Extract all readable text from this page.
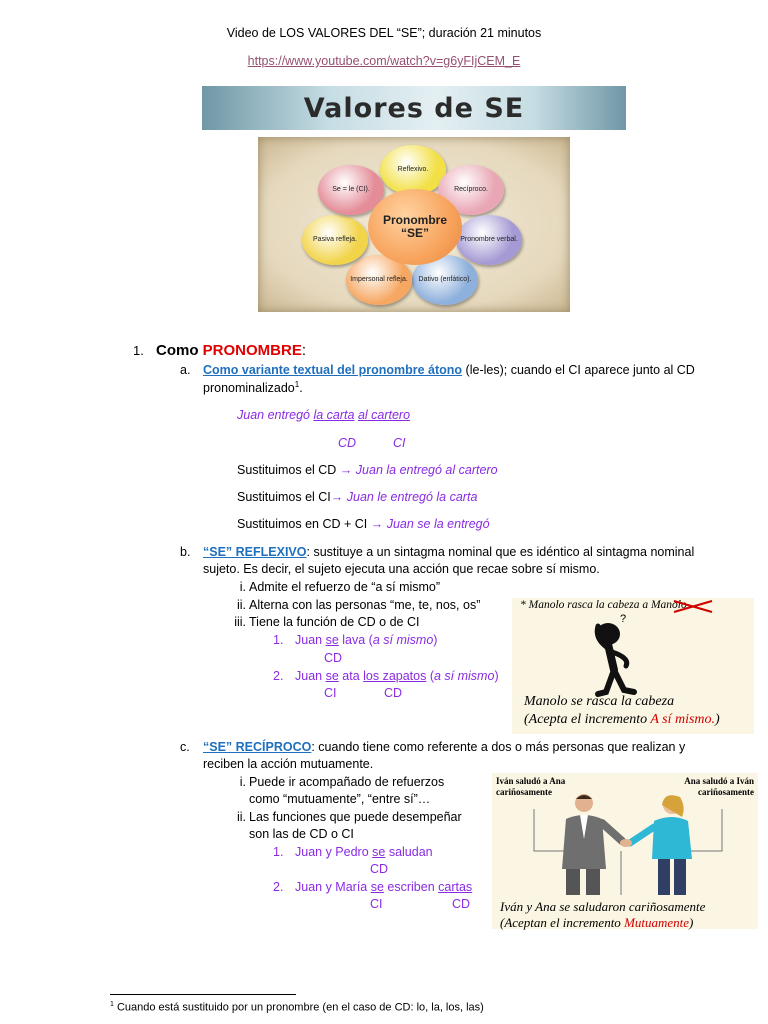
Video de LOS VALORES DEL “SE”; duración 21 minutos
https://www.youtube.com/watch?v=g6yFIjCEM_E
Valores de SE
Reflexivo.
Recíproco.
Pronombre verbal.
Dativo (enfático).
Impersonal refleja.
Pasiva refleja.
Se = le (CI).
Pronombre
“SE”
1. Como PRONOMBRE:
a. Como variante textual del pronombre átono (le-les); cuando el CI aparece junto al CD
pronominalizado$^1$.
Juan entregó la carta al cartero
CD	CI
Sustituimos el CD → Juan la entregó al cartero
Sustituimos el CI→ Juan le entregó la carta
Sustituimos en CD + CI → Juan se la entregó
b. “SE” REFLEXIVO: sustituye a un sintagma nominal que es idéntico al sintagma nominal
sujeto. Es decir, el sujeto ejecuta una acción que recae sobre sí mismo.
i. Admite el refuerzo de “a sí mismo”
ii. Alterna con las personas “me, te, nos, os”
iii. Tiene la función de CD o de CI
1. Juan se lava (a sí mismo)
CD
2. Juan se ata los zapatos (a sí mismo)
CI	CD
* Manolo rasca la cabeza a Manolo
?
Manolo se rasca la cabeza
(Acepta el incremento A sí mismo.)
c. “SE” RECÍPROCO: cuando tiene como referente a dos o más personas que realizan y
reciben la acción mutuamente.
i. Puede ir acompañado de refuerzos
como “mutuamente”, “entre sí”…
ii. Las funciones que puede desempeñar
son las de CD o CI
1. Juan y Pedro se saludan
CD
2. Juan y María se escriben cartas
CI	CD
Iván saludó a Ana
cariñosamente
Ana saludó a Iván
cariñosamente
Iván y Ana se saludaron cariñosamente
(Aceptan el incremento Mutuamente)
$^1$ Cuando está sustituido por un pronombre (en el caso de CD: lo, la, los, las)
